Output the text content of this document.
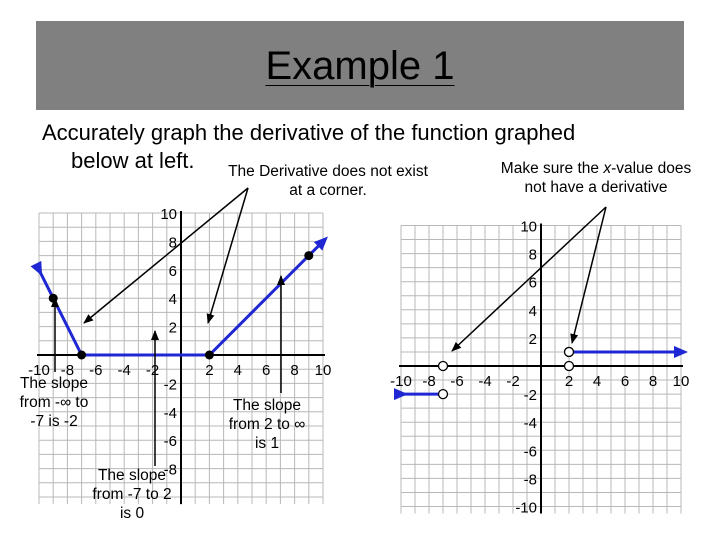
Example 1
Accurately graph the derivative of the function graphed
below at left.
-10 -8 -6 -4 -2	2 4 6 8 10
-8
-6
-4
-2
2
4
6
8
10
-10 -8 -6 -4 -2	2 4 6 8 10
-10
-8
-6
-4
-2
2
4
6
8
10
The Derivative does not exist
at a corner.
Make sure the x-value does
not have a derivative
The slope
from -∞ to
-7 is -2
The slope
from 2 to ∞
is 1
The slope
from -7 to 2
is 0
